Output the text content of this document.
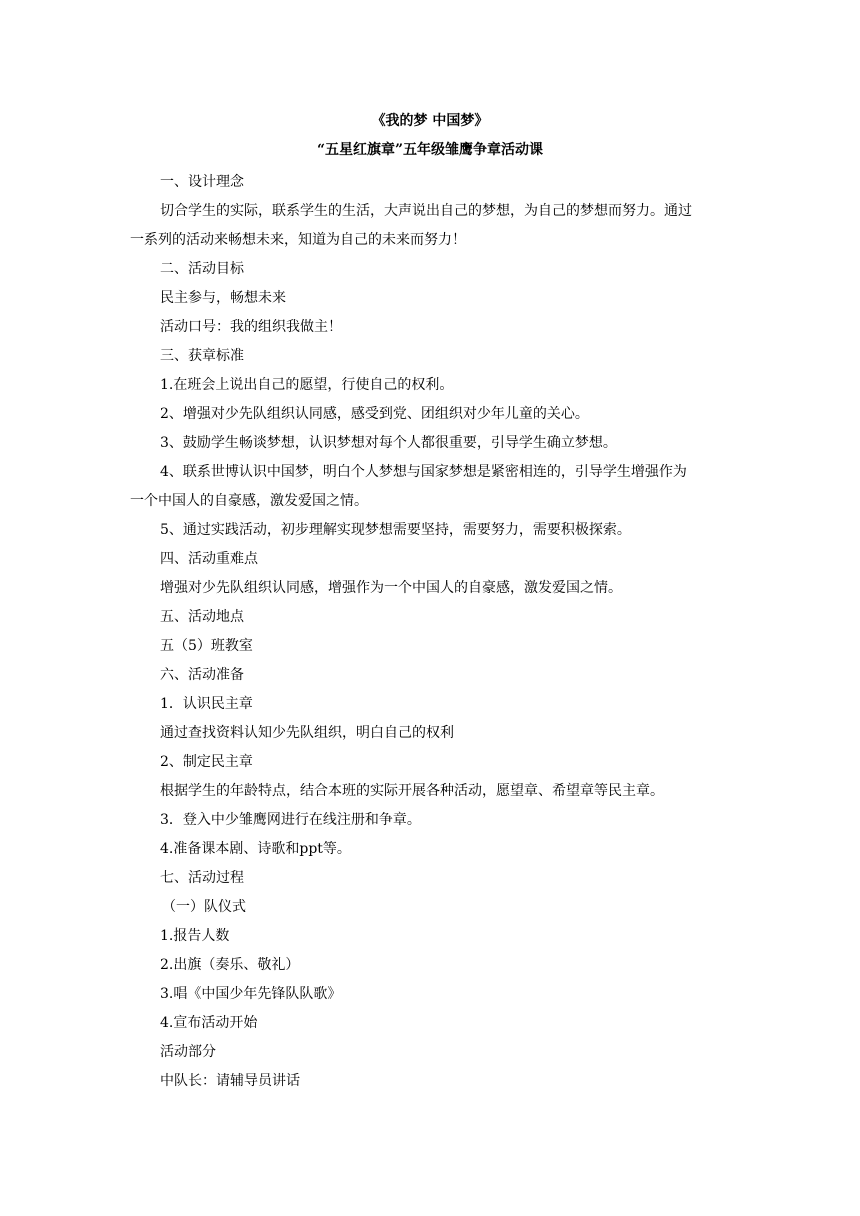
《我的梦 中国梦》
“五星红旗章”五年级雏鹰争章活动课
一、设计理念
切合学生的实际，联系学生的生活，大声说出自己的梦想，为自己的梦想而努力。通过
一系列的活动来畅想未来，知道为自己的未来而努力！
二、活动目标
民主参与，畅想未来
活动口号：我的组织我做主！
三、获章标准
1.在班会上说出自己的愿望，行使自己的权利。
2、增强对少先队组织认同感，感受到党、团组织对少年儿童的关心。
3、鼓励学生畅谈梦想，认识梦想对每个人都很重要，引导学生确立梦想。
4、联系世博认识中国梦，明白个人梦想与国家梦想是紧密相连的，引导学生增强作为
一个中国人的自豪感，激发爱国之情。
5、通过实践活动，初步理解实现梦想需要坚持，需要努力，需要积极探索。
四、活动重难点
增强对少先队组织认同感，增强作为一个中国人的自豪感，激发爱国之情。
五、活动地点
五（5）班教室
六、活动准备
1．认识民主章
通过查找资料认知少先队组织，明白自己的权利
2、制定民主章
根据学生的年龄特点，结合本班的实际开展各种活动，愿望章、希望章等民主章。
3．登入中少雏鹰网进行在线注册和争章。
4.准备课本剧、诗歌和ppt等。
七、活动过程
（一）队仪式
1.报告人数
2.出旗（奏乐、敬礼）
3.唱《中国少年先锋队队歌》
4.宣布活动开始
活动部分
中队长：请辅导员讲话
